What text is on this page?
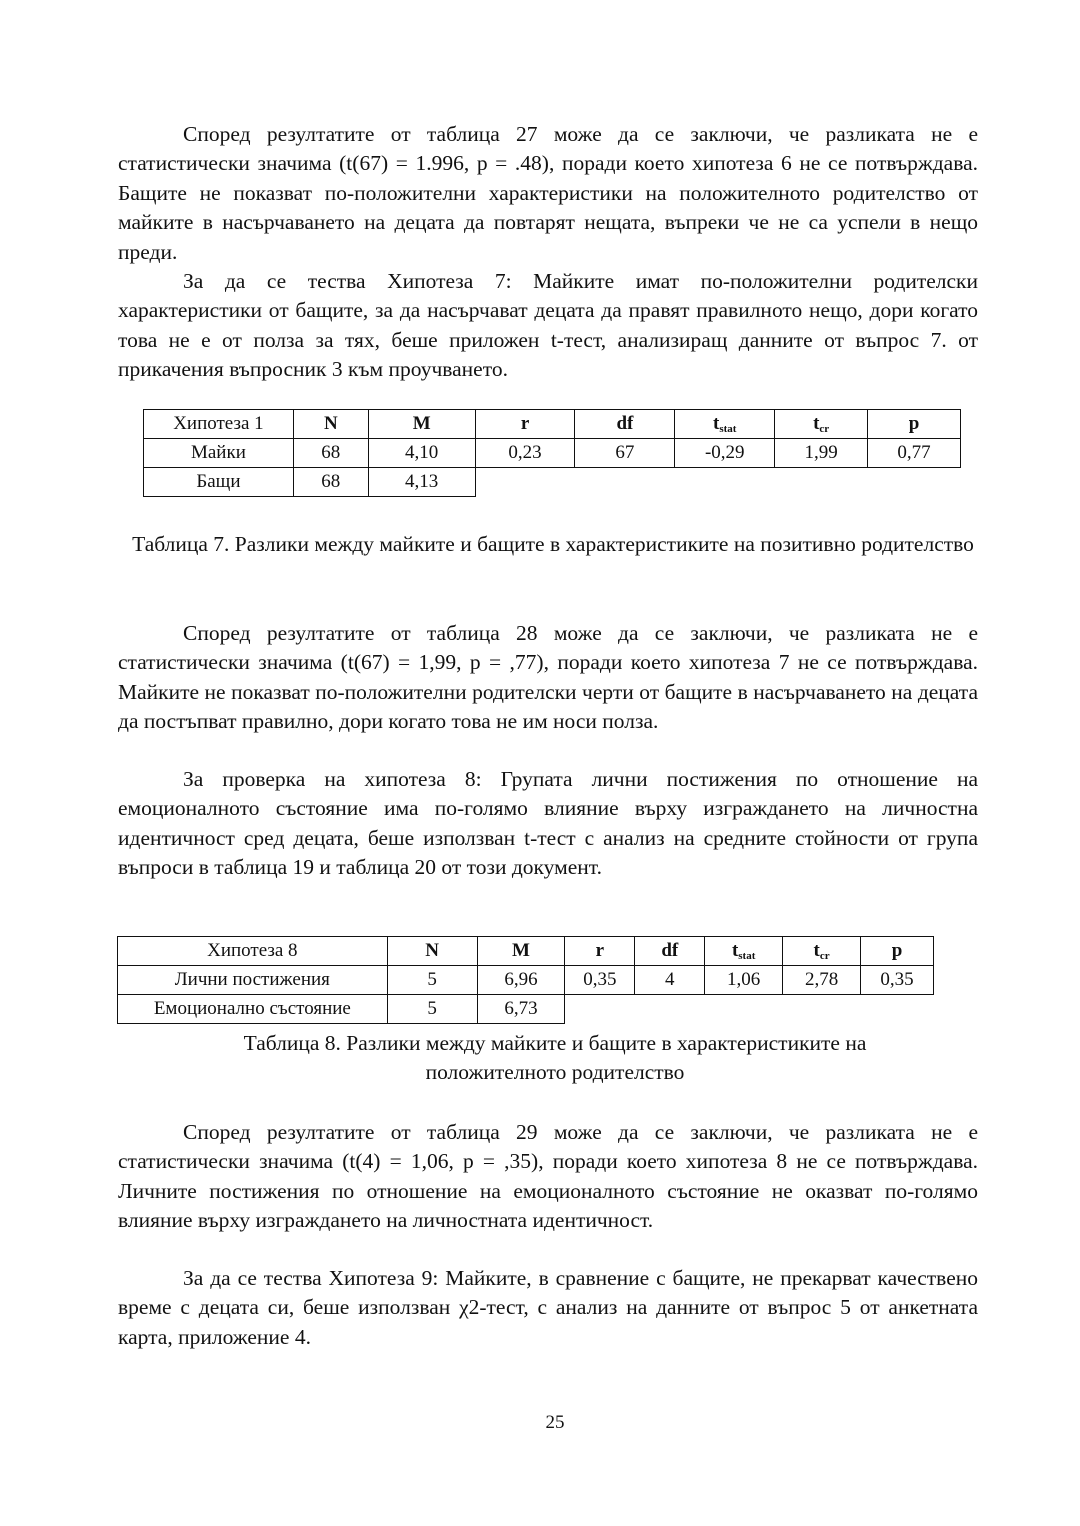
Според резултатите от таблица 27 може да се заключи, че разликата не е статистически значима (t(67) = 1.996, p = .48), поради което хипотеза 6 не се потвърждава. Бащите не показват по-положителни характеристики на положителното родителство от майките в насърчаването на децата да повтарят нещата, въпреки че не са успели в нещо преди.

За да се тества Хипотеза 7: Майките имат по-положителни родителски характеристики от бащите, за да насърчават децата да правят правилното нещо, дори когато това не е от полза за тях, беше приложен t-тест, анализиращ данните от въпрос 7. от прикачения въпросник 3 към проучването.

Хипотеза 1	N	M	r	df	$t_{stat}$	$t_{cr}$	p
Майки	68	4,10	0,23	67	-0,29	1,99	0,77
Бащи	68	4,13					

Таблица 7. Разлики между майките и бащите в характеристиките на позитивно родителство

Според резултатите от таблица 28 може да се заключи, че разликата не е статистически значима (t(67) = 1,99, p = ,77), поради което хипотеза 7 не се потвърждава. Майките не показват по-положителни родителски черти от бащите в насърчаването на децата да постъпват правилно, дори когато това не им носи полза.

За проверка на хипотеза 8: Групата лични постижения по отношение на емоционалното състояние има по-голямо влияние върху изграждането на личностна идентичност сред децата, беше използван t-тест с анализ на средните стойности от група въпроси в таблица 19 и таблица 20 от този документ.

Хипотеза 8	N	M	r	df	$t_{stat}$	$t_{cr}$	p
Лични постижения	5	6,96	0,35	4	1,06	2,78	0,35
Емоционално състояние	5	6,73					

Таблица 8. Разлики между майките и бащите в характеристиките на положителното родителство

Според резултатите от таблица 29 може да се заключи, че разликата не е статистически значима (t(4) = 1,06, p = ,35), поради което хипотеза 8 не се потвърждава. Личните постижения по отношение на емоционалното състояние не оказват по-голямо влияние върху изграждането на личностната идентичност.

За да се тества Хипотеза 9: Майките, в сравнение с бащите, не прекарват качествено време с децата си, беше използван χ2-тест, с анализ на данните от въпрос 5 от анкетната карта, приложение 4.

25
